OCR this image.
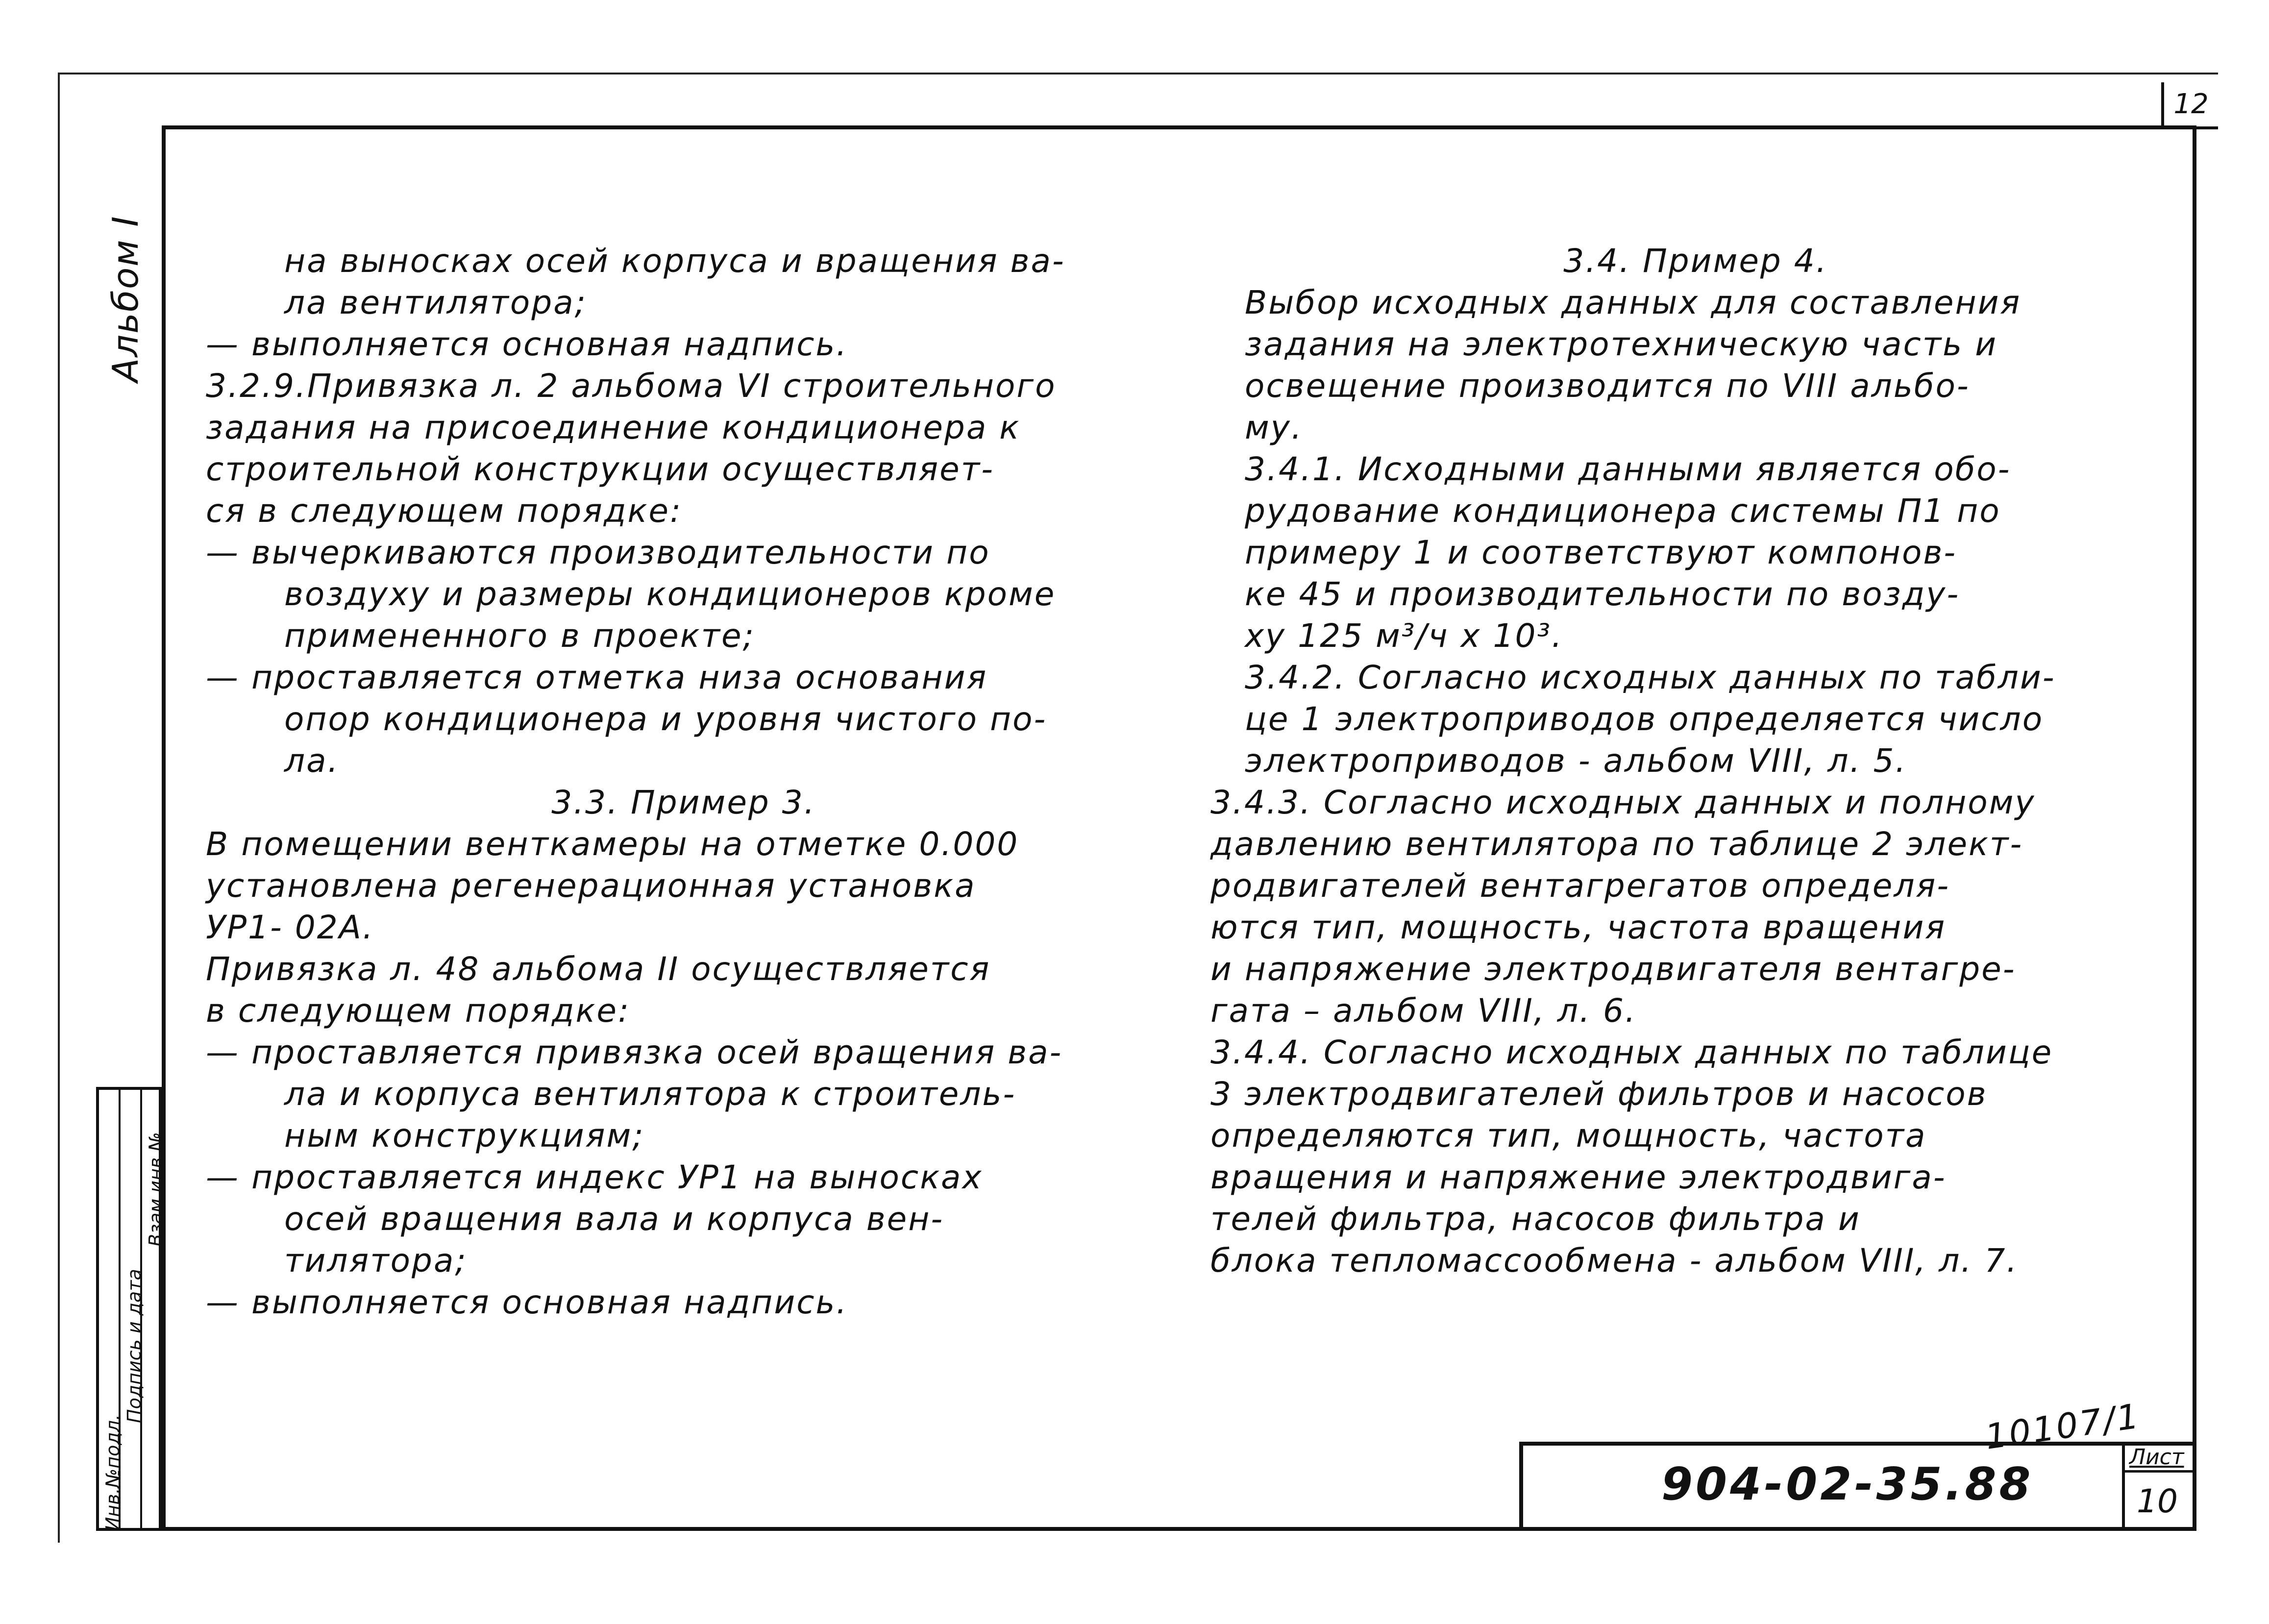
12
Альбом I
Инв.№подл.
Подпись и дата
Взам.инв.№
на выносках осей корпуса и вращения ва-
ла вентилятора;
— выполняется основная надпись.
3.2.9.Привязка л. 2 альбома VI строительного
задания на присоединение кондиционера к
строительной конструкции осуществляет-
ся в следующем порядке:
— вычеркиваются производительности по
воздуху и размеры кондиционеров кроме
примененного в проекте;
— проставляется отметка низа основания
опор кондиционера и уровня чистого по-
ла.
3.3. Пример 3.
В помещении венткамеры на отметке 0.000
установлена регенерационная установка
УР1- 02А.
Привязка л. 48 альбома II осуществляется
в следующем порядке:
— проставляется привязка осей вращения ва-
ла и корпуса вентилятора к строитель-
ным конструкциям;
— проставляется индекс УР1 на выносках
осей вращения вала и корпуса вен-
тилятора;
— выполняется основная надпись.
3.4. Пример 4.
Выбор исходных данных для составления
задания на электротехническую часть и
освещение производится по VIII альбо-
му.
3.4.1. Исходными данными является обо-
рудование кондиционера системы П1 по
примеру 1 и соответствуют компонов-
ке 45 и производительности по возду-
ху 125 м³/ч х 10³.
3.4.2. Согласно исходных данных по табли-
це 1 электроприводов определяется число
электроприводов - альбом VIII, л. 5.
3.4.3. Согласно исходных данных и полному
давлению вентилятора по таблице 2 элект-
родвигателей вентагрегатов определя-
ются тип, мощность, частота вращения
и напряжение электродвигателя вентагре-
гата – альбом VIII, л. 6.
3.4.4. Согласно исходных данных по таблице
3 электродвигателей фильтров и насосов
определяются тип, мощность, частота
вращения и напряжение электродвига-
телей фильтра, насосов фильтра и
блока тепломассообмена - альбом VIII, л. 7.
10107/1
904-02-35.88
Лист
10
